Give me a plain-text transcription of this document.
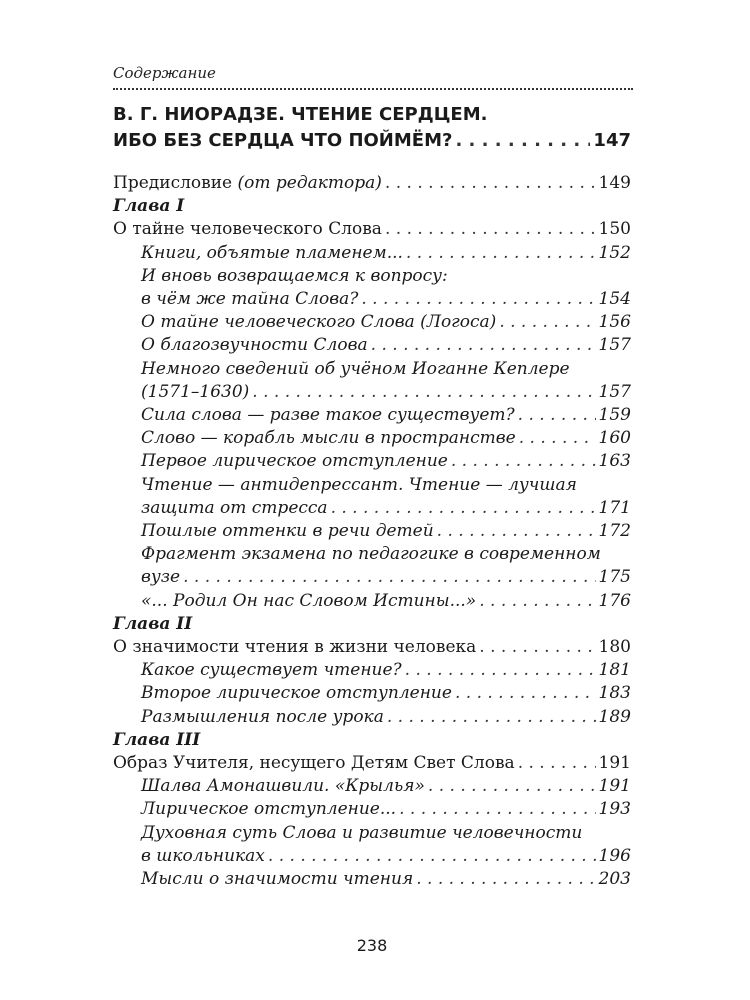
Содержание
В. Г. НИОРАДЗЕ. ЧТЕНИЕ СЕРДЦЕМ.
ИБО БЕЗ СЕРДЦА ЧТО ПОЙМЁМ? . . .	147
Предисловие (от редактора) . . .	149
Глава I
О тайне человеческого Слова . . .	150
Книги, объятые пламенем... . . .	152
И вновь возвращаемся к вопросу:
в чём же тайна Слова? . . .	154
О тайне человеческого Слова (Логоса) . . .	156
О благозвучности Слова . . .	157
Немного сведений об учёном Иоганне Кеплере
(1571–1630) . . .	157
Сила слова — разве такое существует? . . .	159
Слово — корабль мысли в пространстве . . .	160
Первое лирическое отступление . . .	163
Чтение — антидепрессант. Чтение — лучшая
защита от стресса . . .	171
Пошлые оттенки в речи детей . . .	172
Фрагмент экзамена по педагогике в современном
вузе . . .	175
«... Родил Он нас Словом Истины...» . . .	176
Глава II
О значимости чтения в жизни человека . . .	180
Какое существует чтение? . . .	181
Второе лирическое отступление . . .	183
Размышления после урока . . .	189
Глава III
Образ Учителя, несущего Детям Свет Слова . . .	191
Шалва Амонашвили. «Крылья» . . .	191
Лирическое отступление... . . .	193
Духовная суть Слова и развитие человечности
в школьниках . . .	196
Мысли о значимости чтения . . .	203
238
